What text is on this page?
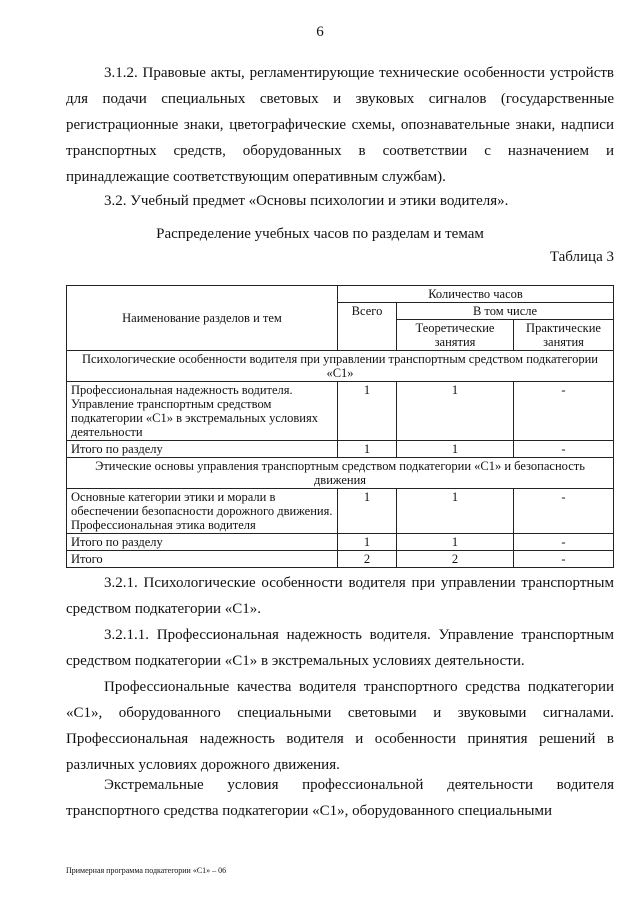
6
3.1.2. Правовые акты, регламентирующие технические особенности устройств для подачи специальных световых и звуковых сигналов (государственные регистрационные знаки, цветографические схемы, опознавательные знаки, надписи транспортных средств, оборудованных в соответствии с назначением и принадлежащие соответствующим оперативным службам).
3.2. Учебный предмет «Основы психологии и этики водителя».
Распределение учебных часов по разделам и темам
Таблица 3
Наименование разделов и тем	Количество часов		
	Всего	В том числе	
		Теоретические занятия	Практические занятия
Психологические особенности водителя при управлении транспортным средством подкатегории «С1»			
Профессиональная надежность водителя. Управление транспортным средством подкатегории «С1» в экстремальных условиях деятельности	1	1	-
Итого по разделу	1	1	-
Этические основы управления транспортным средством подкатегории «С1» и безопасность движения			
Основные категории этики и морали в обеспечении безопасности дорожного движения. Профессиональная этика водителя	1	1	-
Итого по разделу	1	1	-
Итого	2	2	-
3.2.1. Психологические особенности водителя при управлении транспортным средством подкатегории «С1».
3.2.1.1. Профессиональная надежность водителя. Управление транспортным средством подкатегории «С1» в экстремальных условиях деятельности.
Профессиональные качества водителя транспортного средства подкатегории «С1», оборудованного специальными световыми и звуковыми сигналами. Профессиональная надежность водителя и особенности принятия решений в различных условиях дорожного движения.
Экстремальные условия профессиональной деятельности водителя транспортного средства подкатегории «С1», оборудованного специальными
Примерная программа подкатегории «С1» – 06
